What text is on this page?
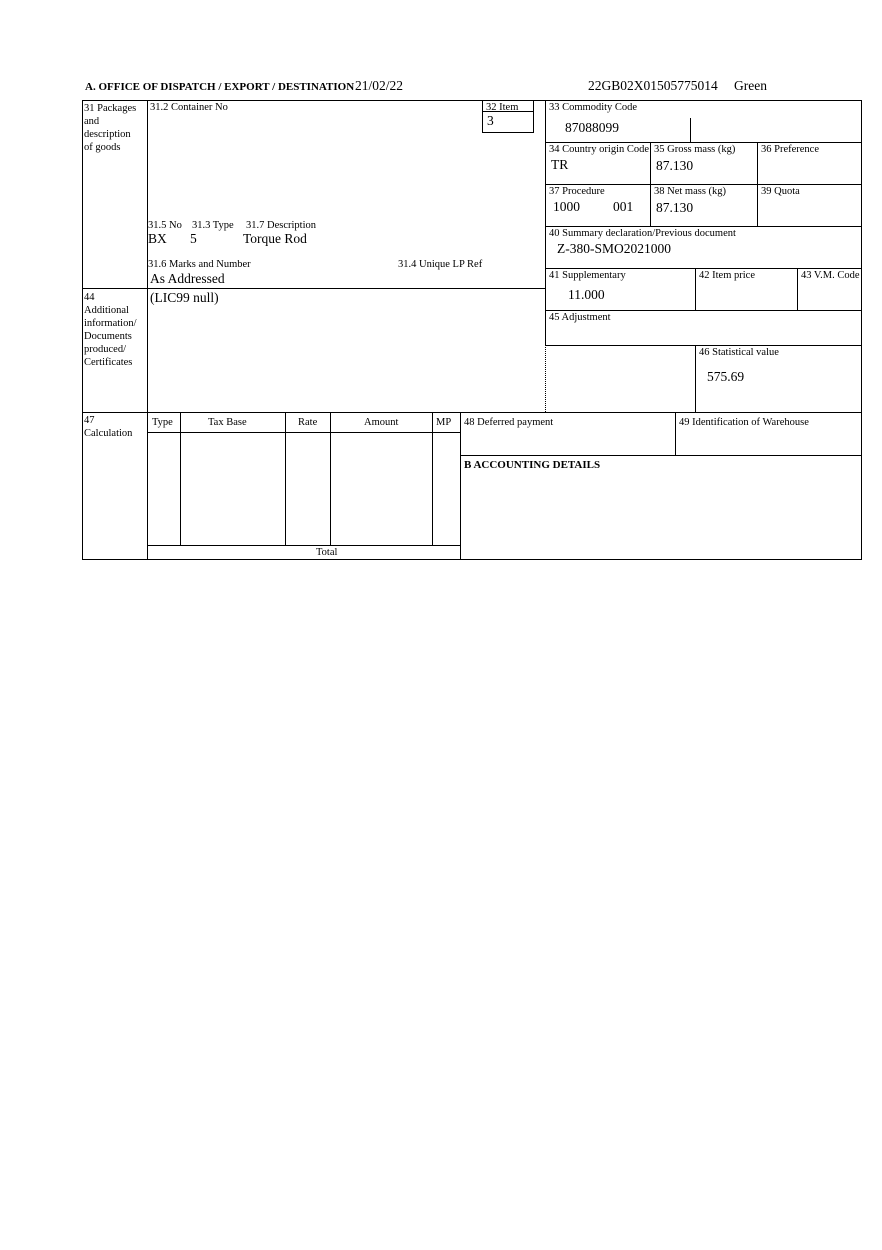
A. OFFICE OF DISPATCH / EXPORT / DESTINATION 21/02/22	22GB02X01505775014 Green
31 Packages
and
description
of goods
31.2 Container No	32 Item
3
31.5 No 31.3 Type 31.7 Description
BX 5	Torque Rod
31.6 Marks and Number	31.4 Unique LP Ref
As Addressed
33 Commodity Code
87088099
34 Country origin Code
TR
35 Gross mass (kg)
87.130
36 Preference
37 Procedure
1000 001
38 Net mass (kg)
87.130
39 Quota
40 Summary declaration/Previous document
Z-380-SMO2021000
41 Supplementary
11.000
42 Item price	43 V.M. Code
45 Adjustment
46 Statistical value
575.69
44
Additional
information/
Documents
produced/
Certificates
(LIC99 null)
47
Calculation
Type	Tax Base	Rate	Amount	MP
Total
48 Deferred payment	49 Identification of Warehouse
B ACCOUNTING DETAILS
